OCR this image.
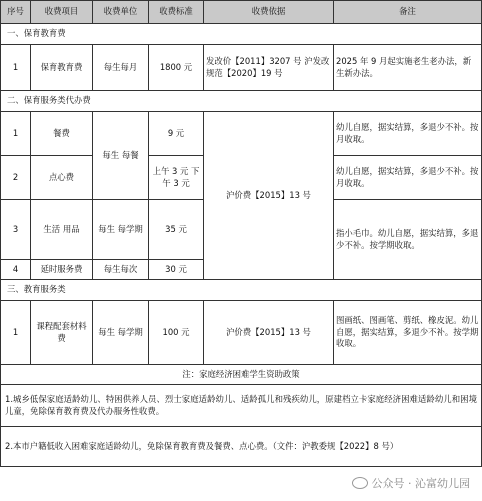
序号	收费项目	收费单位	收费标准	收费依据	备注
一、保育教育费					
1	保育教育费	每生每月	1800 元	发改价【2011】3207 号 沪发改规范【2020】19 号	2025 年 9 月起实施老生老办法，新生新办法。
二、保育服务类代办费					
1	餐费	每生 每餐	9 元	沪价费【2015】13 号	幼儿自愿，据实结算，多退少不补。按月收取。
2	点心费		上午 3 元 下午 3 元		幼儿自愿，据实结算，多退少不补。按月收取。
3	生活 用品	每生 每学期	35 元		指小毛巾。幼儿自愿，据实结算，多退少不补。按学期收取。
4	延时服务费	每生每次	30 元		
三、教育服务类					
1	课程配套材料费	每生 每学期	100 元	沪价费【2015】13 号	图画纸、图画笔、剪纸、橡皮泥。幼儿自愿，据实结算，多退少不补。按学期收取。
注：家庭经济困难学生资助政策					
1.城乡低保家庭适龄幼儿、特困供养人员、烈士家庭适龄幼儿、适龄孤儿和残疾幼儿，原建档立卡家庭经济困难适龄幼儿和困境儿童，免除保育教育费及代办服务性收费。					
2.本市户籍低收入困难家庭适龄幼儿，免除保育教育费及餐费、点心费。（文件：沪教委规【2022】8 号）					
公众号 · 沁富幼儿园
